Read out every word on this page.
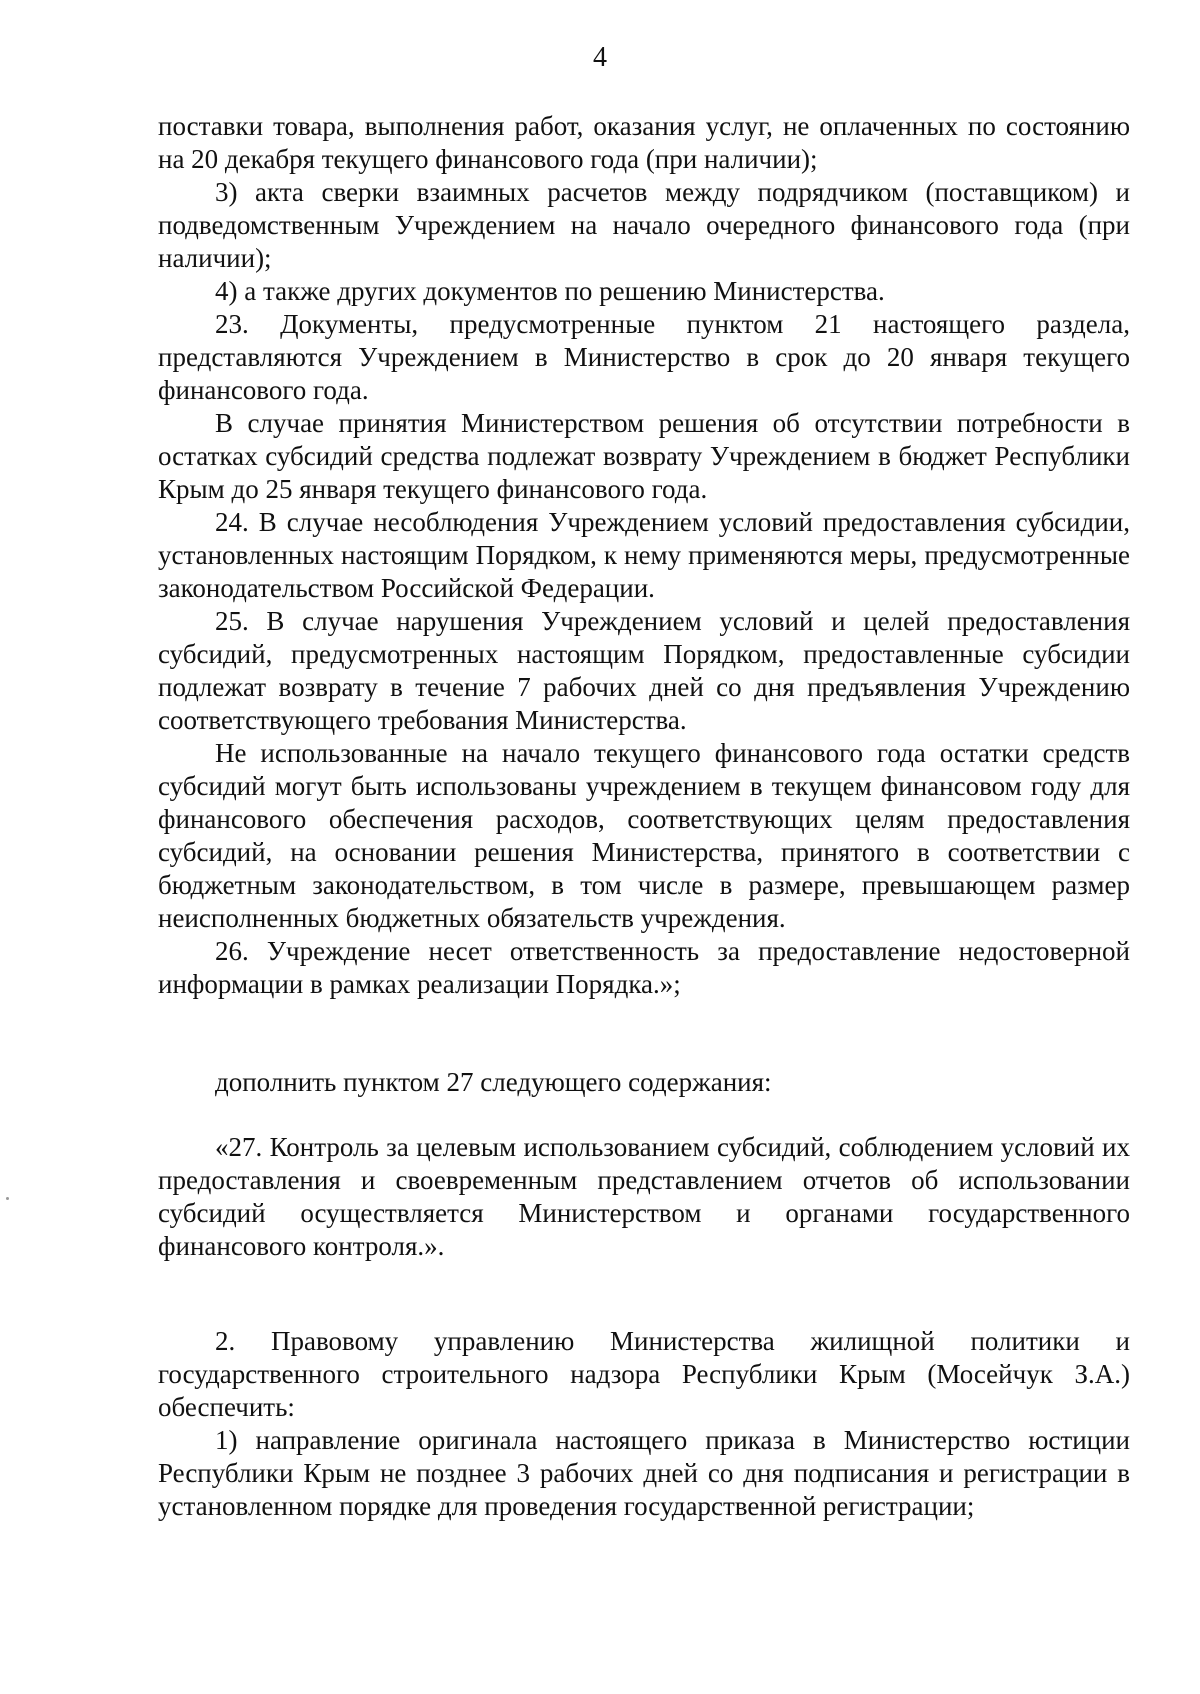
4

поставки товара, выполнения работ, оказания услуг, не оплаченных по состоянию на 20 декабря текущего финансового года (при наличии);

3) акта сверки взаимных расчетов между подрядчиком (поставщиком) и подведомственным Учреждением на начало очередного финансового года (при наличии);

4) а также других документов по решению Министерства.

23. Документы, предусмотренные пунктом 21 настоящего раздела, представляются Учреждением в Министерство в срок до 20 января текущего финансового года.

В случае принятия Министерством решения об отсутствии потребности в остатках субсидий средства подлежат возврату Учреждением в бюджет Республики Крым до 25 января текущего финансового года.

24. В случае несоблюдения Учреждением условий предоставления субсидии, установленных настоящим Порядком, к нему применяются меры, предусмотренные законодательством Российской Федерации.

25. В случае нарушения Учреждением условий и целей предоставления субсидий, предусмотренных настоящим Порядком, предоставленные субсидии подлежат возврату в течение 7 рабочих дней со дня предъявления Учреждению соответствующего требования Министерства.

Не использованные на начало текущего финансового года остатки средств субсидий могут быть использованы учреждением в текущем финансовом году для финансового обеспечения расходов, соответствующих целям предоставления субсидий, на основании решения Министерства, принятого в соответствии с бюджетным законодательством, в том числе в размере, превышающем размер неисполненных бюджетных обязательств учреждения.

26. Учреждение несет ответственность за предоставление недостоверной информации в рамках реализации Порядка.»;

дополнить пунктом 27 следующего содержания:

«27. Контроль за целевым использованием субсидий, соблюдением условий их предоставления и своевременным представлением отчетов об использовании субсидий осуществляется Министерством и органами государственного финансового контроля.».

2. Правовому управлению Министерства жилищной политики и государственного строительного надзора Республики Крым (Мосейчук З.А.) обеспечить:

1) направление оригинала настоящего приказа в Министерство юстиции Республики Крым не позднее 3 рабочих дней со дня подписания и регистрации в установленном порядке для проведения государственной регистрации;
